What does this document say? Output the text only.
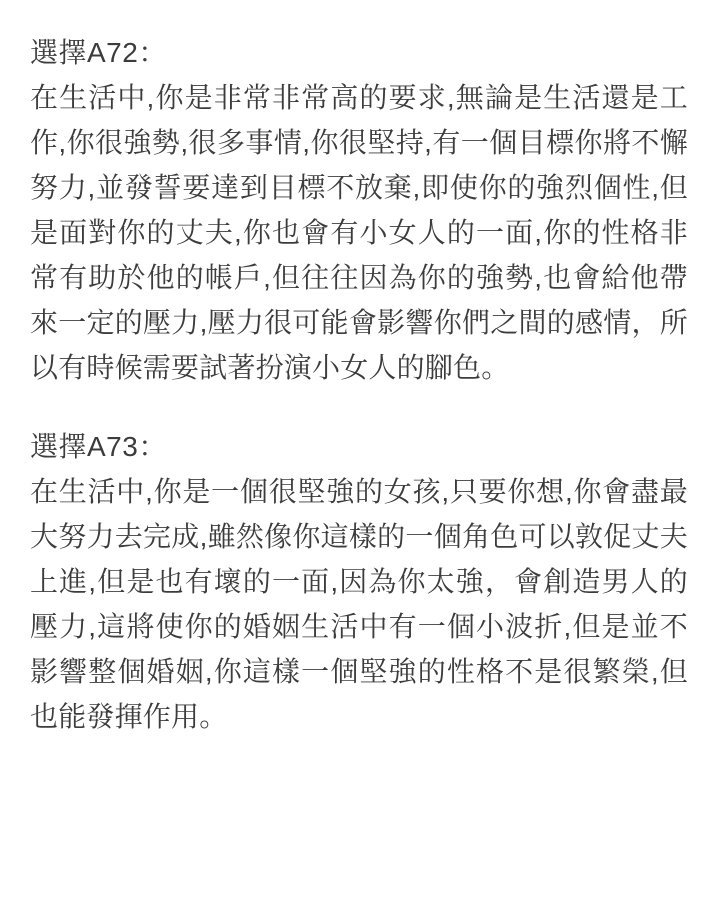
選擇A72：
在生活中,你是非常非常高的要求,無論是生活還是工作,你很強勢,很多事情,你很堅持,有一個目標你將不懈努力,並發誓要達到目標不放棄,即使你的強烈個性,但是面對你的丈夫,你也會有小女人的一面,你的性格非常有助於他的帳戶,但往往因為你的強勢,也會給他帶來一定的壓力,壓力很可能會影響你們之間的感情，所以有時候需要試著扮演小女人的腳色。
選擇A73：
在生活中,你是一個很堅強的女孩,只要你想,你會盡最大努力去完成,雖然像你這樣的一個角色可以敦促丈夫上進,但是也有壞的一面,因為你太強，會創造男人的壓力,這將使你的婚姻生活中有一個小波折,但是並不影響整個婚姻,你這樣一個堅強的性格不是很繁榮,但也能發揮作用。
